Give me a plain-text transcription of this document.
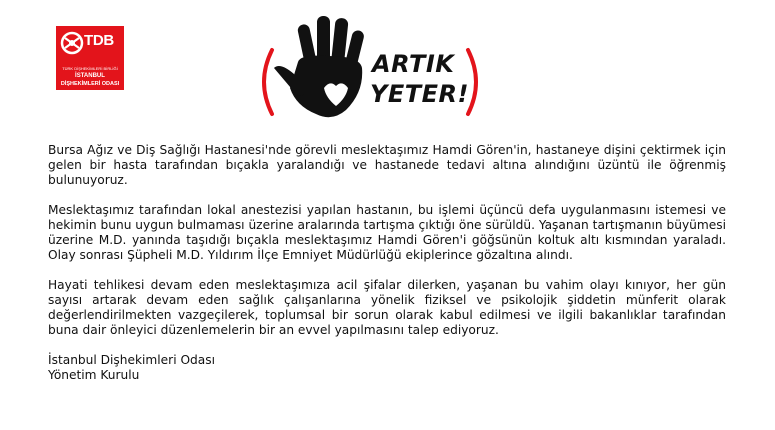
TDB
TÜRK DİŞHEKİMLERİ BİRLİĞİ
İSTANBUL
DİŞHEKİMLERİ ODASI
ARTIK
YETER!

Bursa Ağız ve Diş Sağlığı Hastanesi'nde görevli meslektaşımız Hamdi Gören'in, hastaneye dişini çektirmek için gelen bir hasta tarafından bıçakla yaralandığı ve hastanede tedavi altına alındığını üzüntü ile öğrenmiş bulunuyoruz.

Meslektaşımız tarafından lokal anestezisi yapılan hastanın, bu işlemi üçüncü defa uygulanmasını istemesi ve hekimin bunu uygun bulmaması üzerine aralarında tartışma çıktığı öne sürüldü. Yaşanan tartışmanın büyümesi üzerine M.D. yanında taşıdığı bıçakla meslektaşımız Hamdi Gören'i göğsünün koltuk altı kısmından yaraladı. Olay sonrası Şüpheli M.D. Yıldırım İlçe Emniyet Müdürlüğü ekiplerince gözaltına alındı.

Hayati tehlikesi devam eden meslektaşımıza acil şifalar dilerken, yaşanan bu vahim olayı kınıyor, her gün sayısı artarak devam eden sağlık çalışanlarına yönelik fiziksel ve psikolojik şiddetin münferit olarak değerlendirilmekten vazgeçilerek, toplumsal bir sorun olarak kabul edilmesi ve ilgili bakanlıklar tarafından buna dair önleyici düzenlemelerin bir an evvel yapılmasını talep ediyoruz.

İstanbul Dişhekimleri Odası
Yönetim Kurulu
